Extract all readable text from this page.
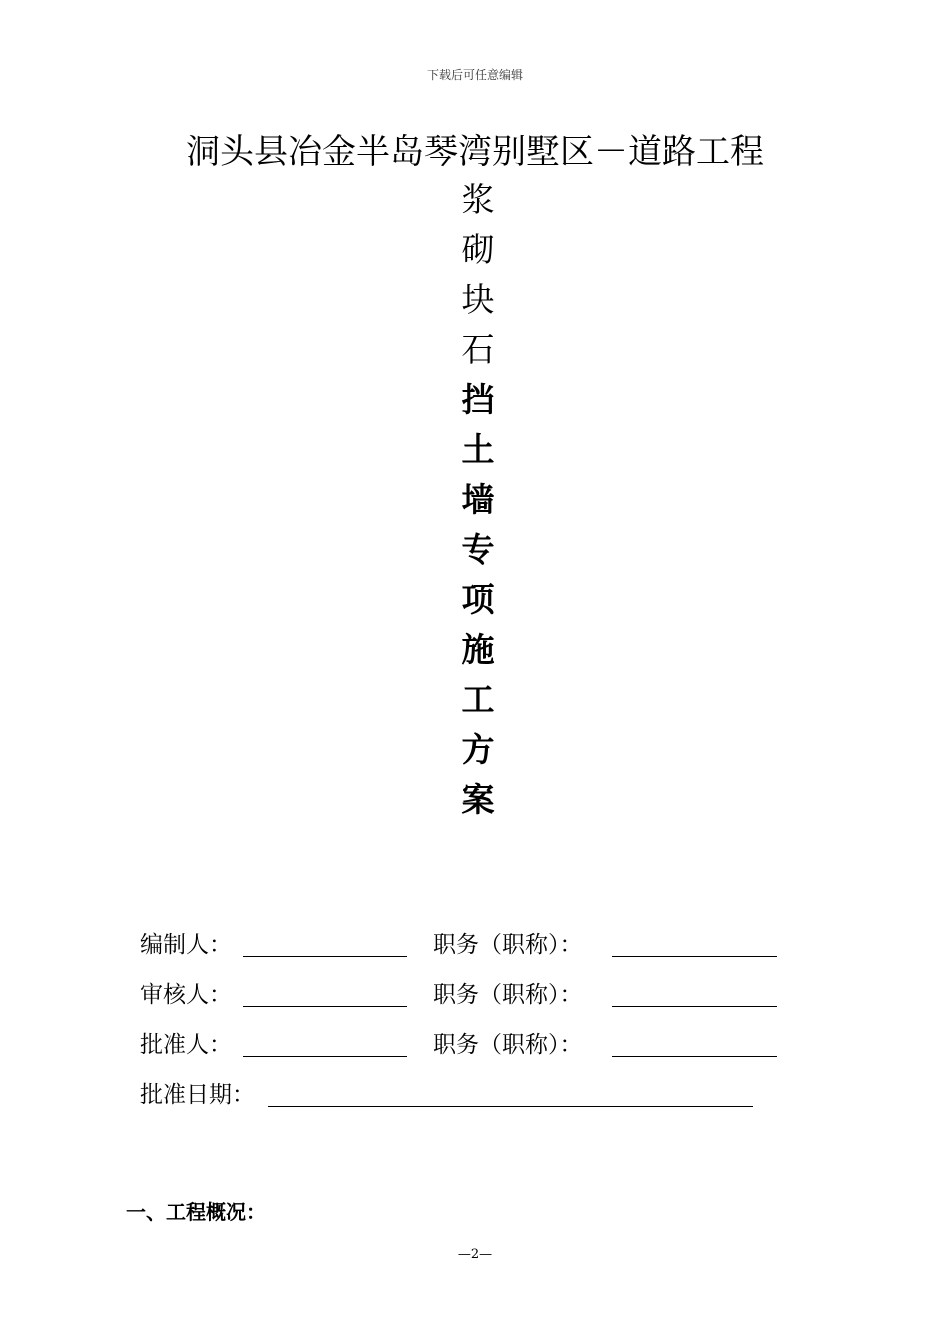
下载后可任意编辑
洞头县冶金半岛琴湾别墅区－道路工程
浆
砌
块
石
挡
土
墙
专
项
施
工
方
案
编制人：	职务（职称）：
审核人：	职务（职称）：
批准人：	职务（职称）：
批准日期：
一、工程概况：
—2—
